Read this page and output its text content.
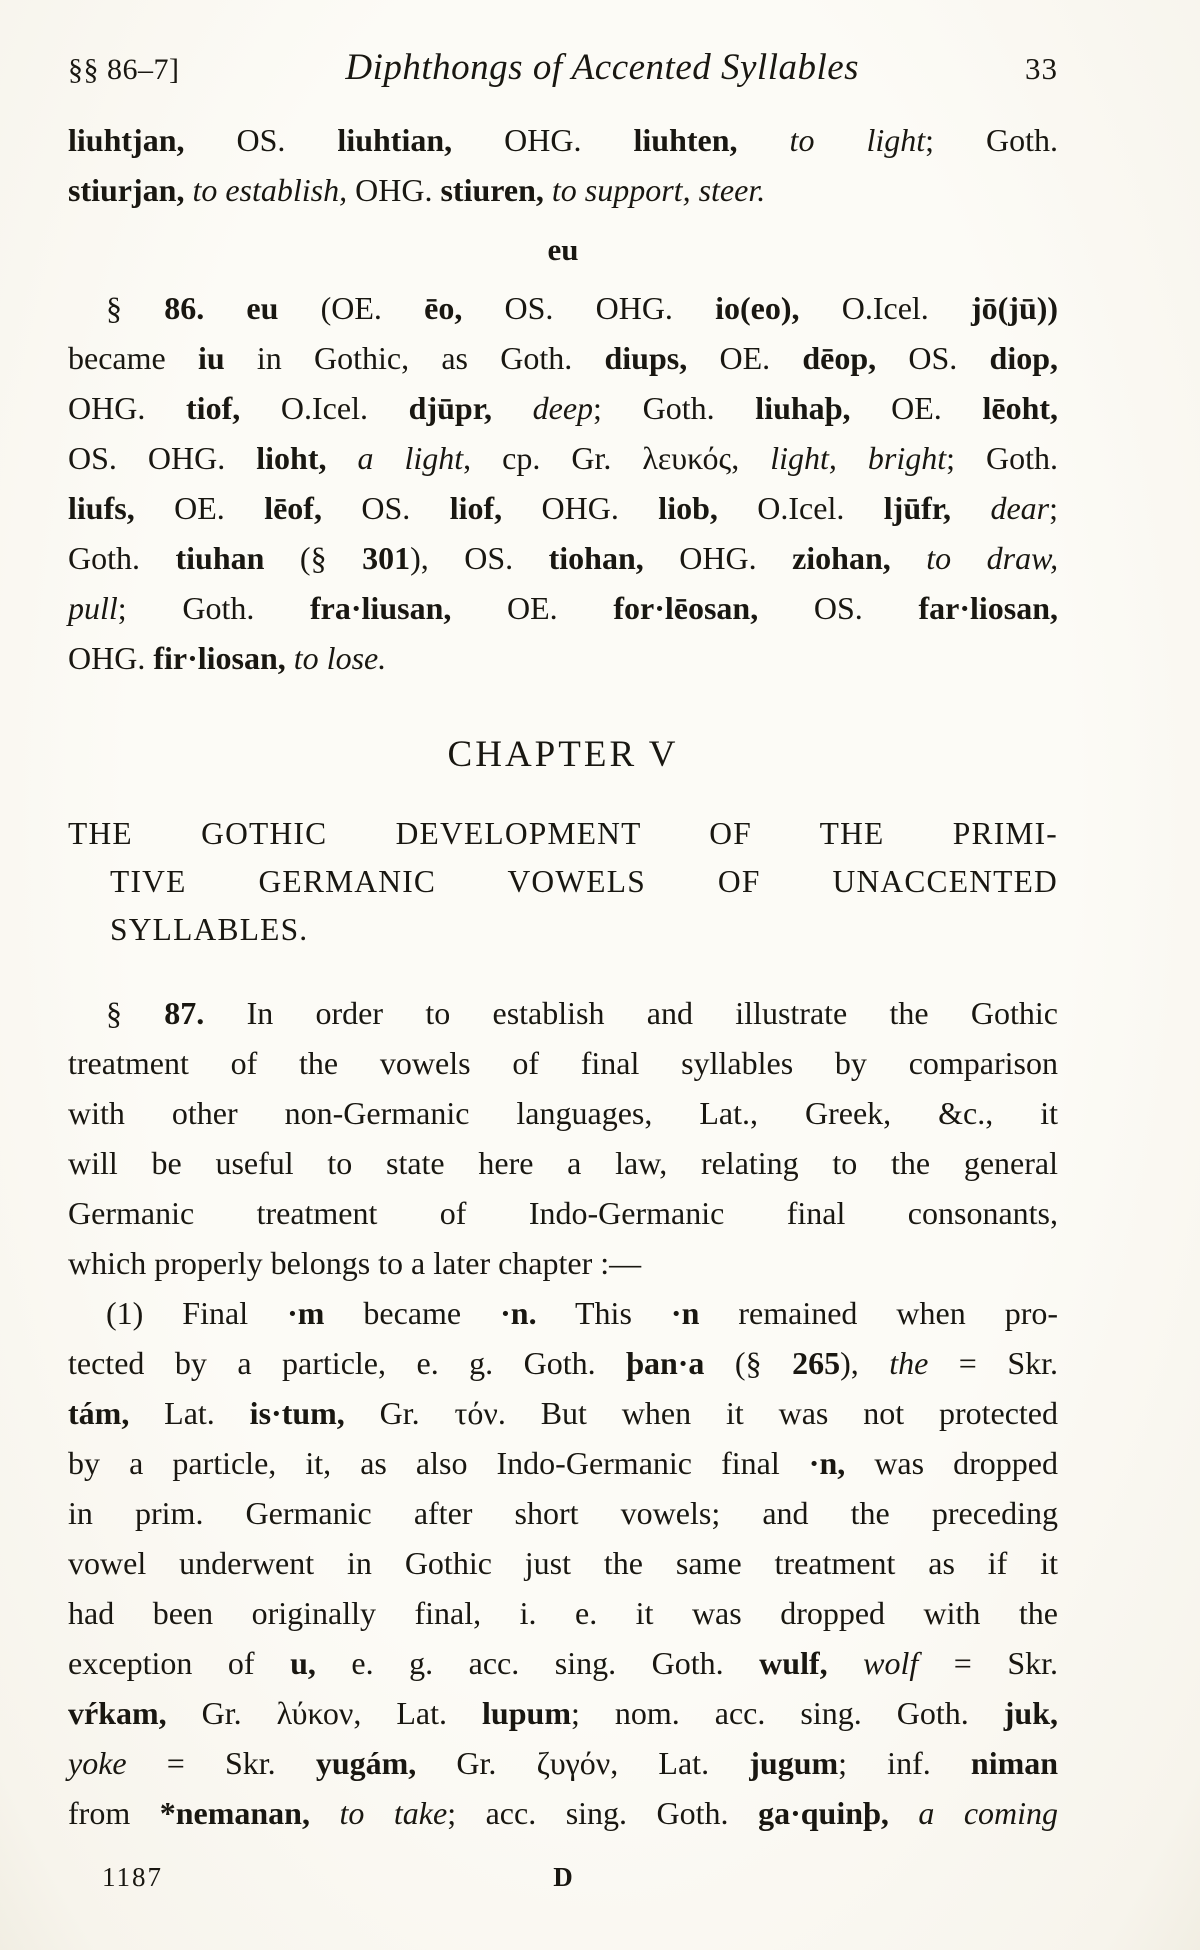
§§ 86–7]	Diphthongs of Accented Syllables	33
liuhtjan, OS. liuhtian, OHG. liuhten, to light; Goth.
stiurjan, to establish, OHG. stiuren, to support, steer.
eu
§ 86. eu (OE. ēo, OS. OHG. io(eo), O.Icel. jō(jū))
became iu in Gothic, as Goth. diups, OE. dēop, OS. diop,
OHG. tiof, O.Icel. djūpr, deep; Goth. liuhaþ, OE. lēoht,
OS. OHG. lioht, a light, cp. Gr. λευκός, light, bright; Goth.
liufs, OE. lēof, OS. liof, OHG. liob, O.Icel. ljūfr, dear;
Goth. tiuhan (§ 301), OS. tiohan, OHG. ziohan, to draw,
pull; Goth. fra·liusan, OE. for·lēosan, OS. far·liosan,
OHG. fir·liosan, to lose.
CHAPTER V
THE GOTHIC DEVELOPMENT OF THE PRIMI-
TIVE GERMANIC VOWELS OF UNACCENTED
SYLLABLES.
§ 87. In order to establish and illustrate the Gothic
treatment of the vowels of final syllables by comparison
with other non-Germanic languages, Lat., Greek, &c., it
will be useful to state here a law, relating to the general
Germanic treatment of Indo-Germanic final consonants,
which properly belongs to a later chapter :—
(1) Final ·m became ·n. This ·n remained when pro-
tected by a particle, e. g. Goth. þan·a (§ 265), the = Skr.
tám, Lat. is·tum, Gr. τόν. But when it was not protected
by a particle, it, as also Indo-Germanic final ·n, was dropped
in prim. Germanic after short vowels; and the preceding
vowel underwent in Gothic just the same treatment as if it
had been originally final, i. e. it was dropped with the
exception of u, e. g. acc. sing. Goth. wulf, wolf = Skr.
vŕkam, Gr. λύκον, Lat. lupum; nom. acc. sing. Goth. juk,
yoke = Skr. yugám, Gr. ζυγόν, Lat. jugum; inf. niman
from *nemanan, to take; acc. sing. Goth. ga·quinþ, a coming
1187	D
